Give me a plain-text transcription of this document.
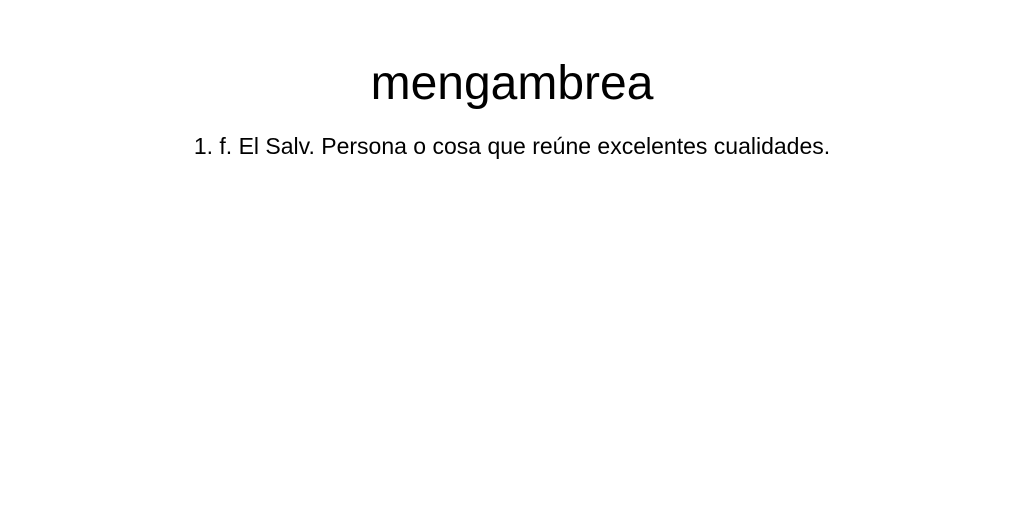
mengambrea

1. f. El Salv. Persona o cosa que reúne excelentes cualidades.
